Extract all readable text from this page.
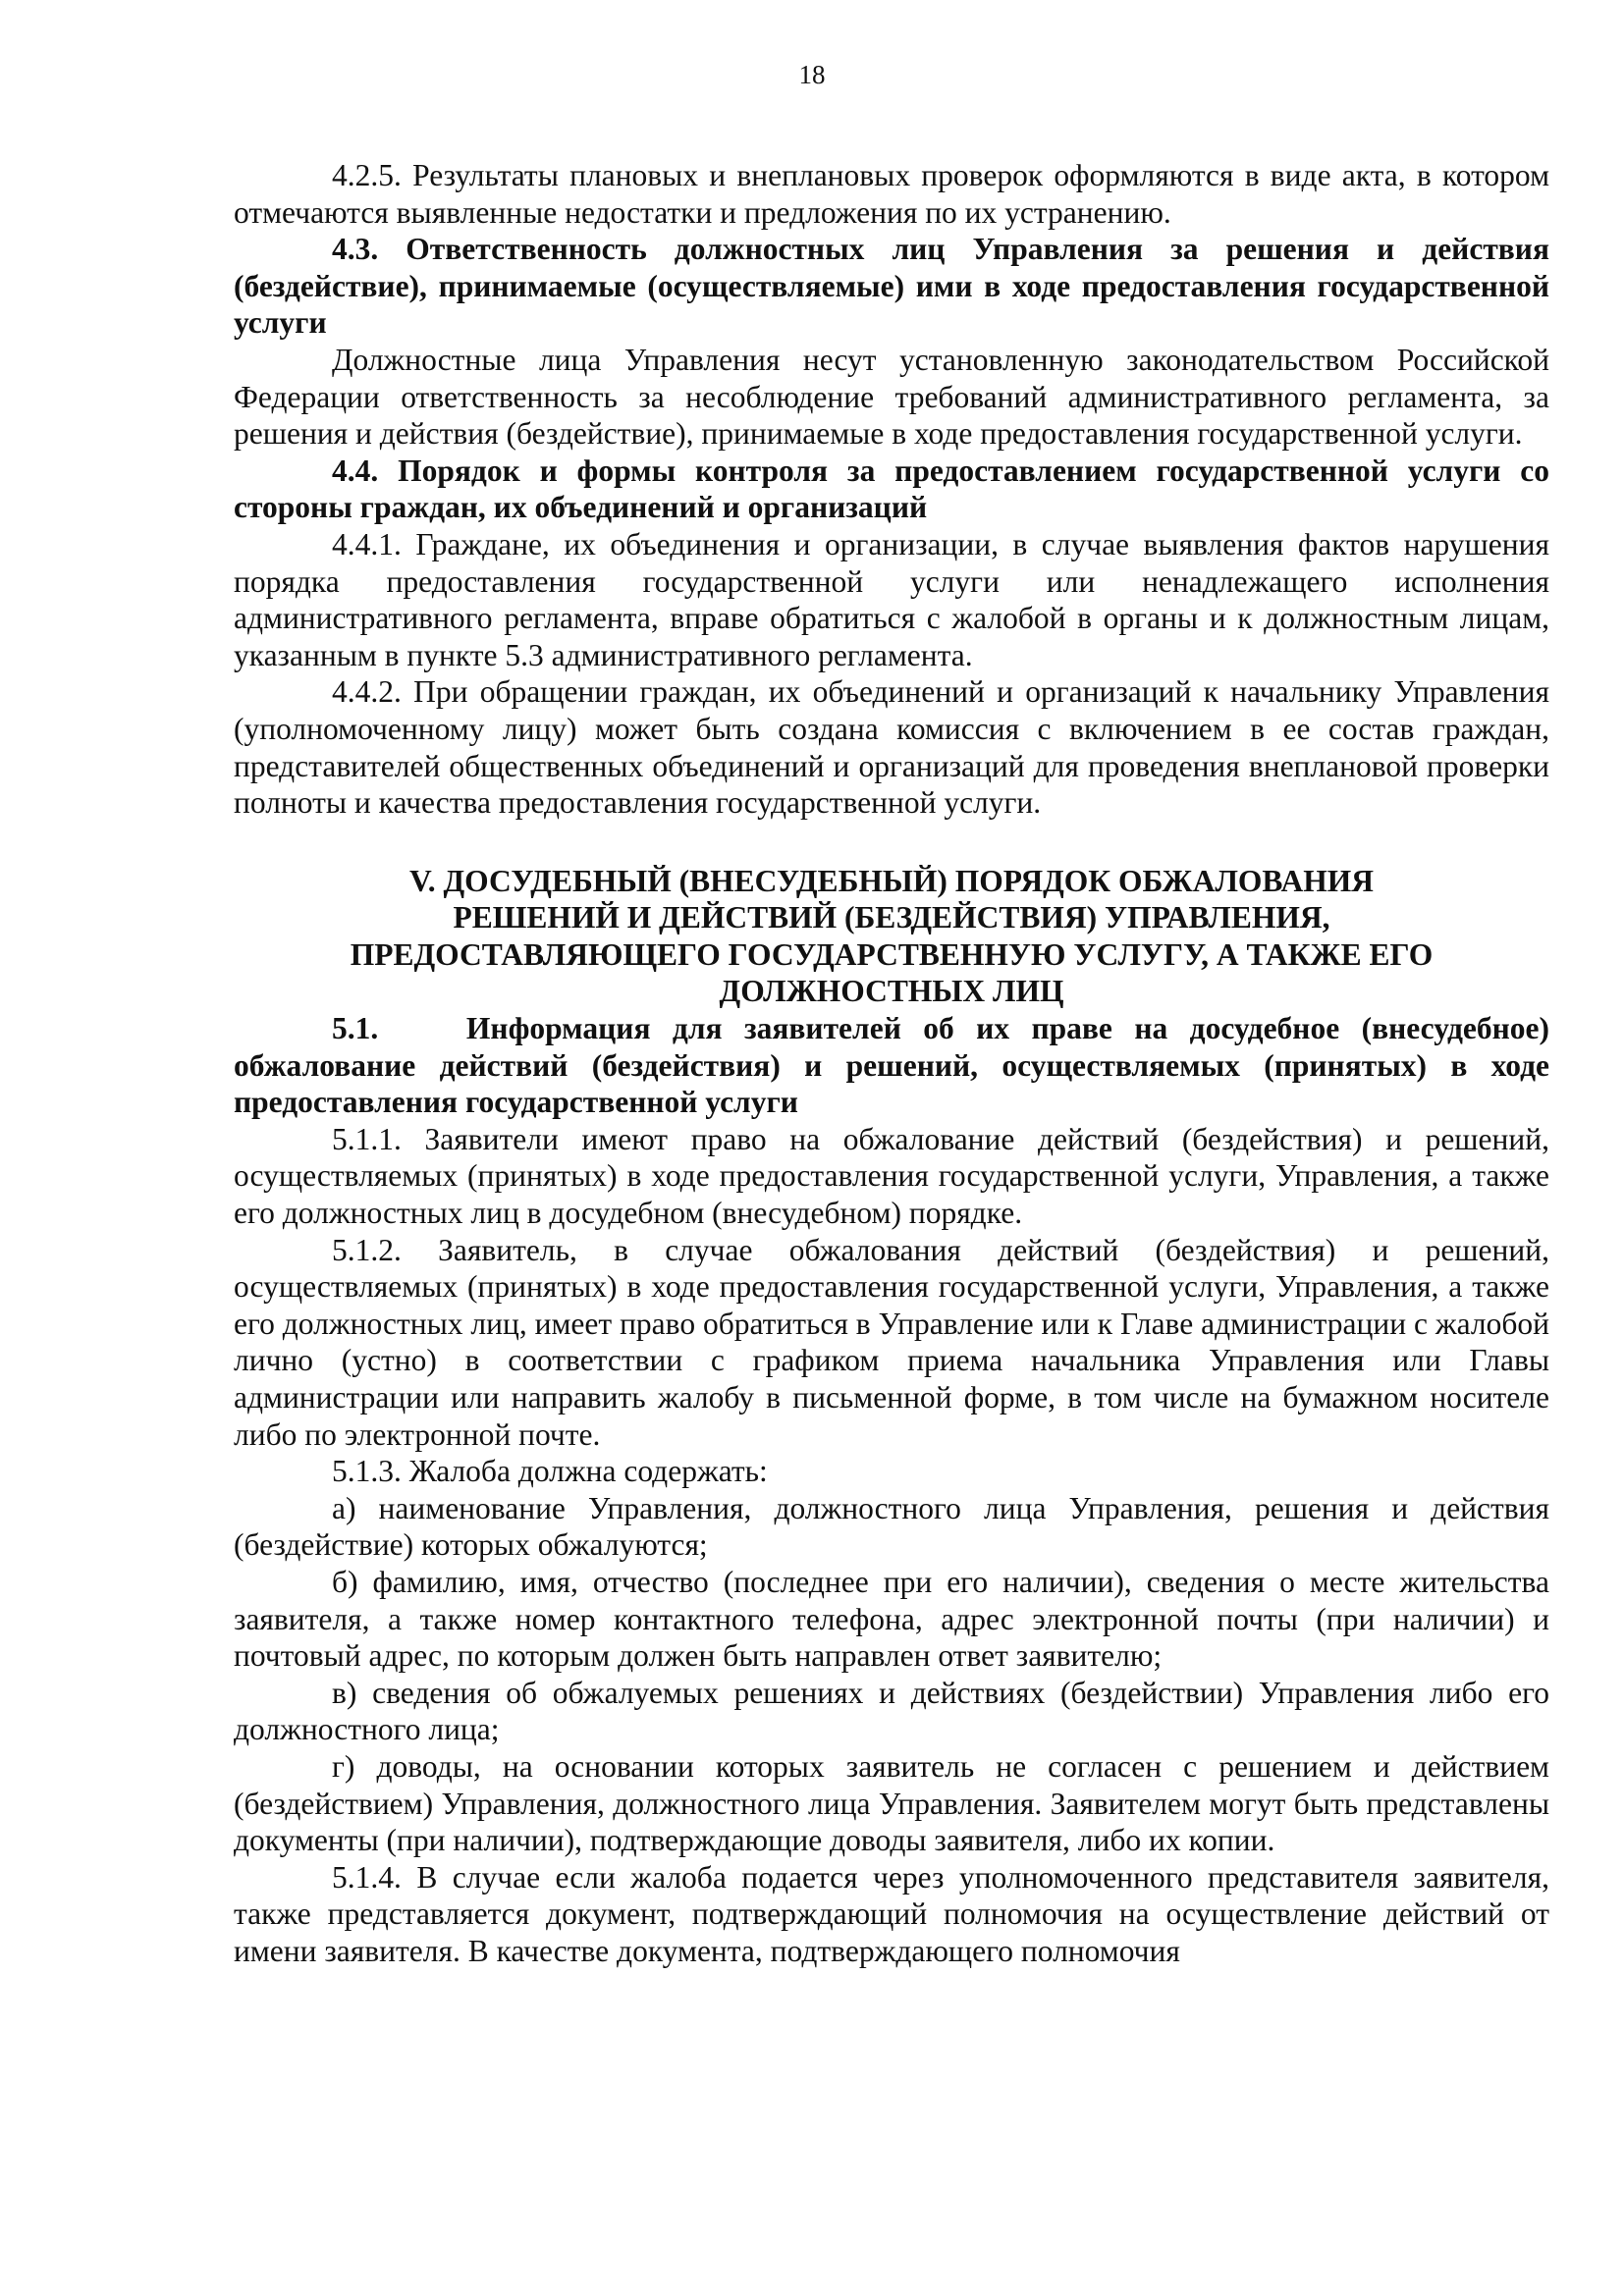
18

4.2.5. Результаты плановых и внеплановых проверок оформляются в виде акта, в котором отмечаются выявленные недостатки и предложения по их устранению.

4.3. Ответственность должностных лиц Управления за решения и действия (бездействие), принимаемые (осуществляемые) ими в ходе предоставления государственной услуги

Должностные лица Управления несут установленную законодательством Российской Федерации ответственность за несоблюдение требований административного регламента, за решения и действия (бездействие), принимаемые в ходе предоставления государственной услуги.

4.4. Порядок и формы контроля за предоставлением государственной услуги со стороны граждан, их объединений и организаций

4.4.1. Граждане, их объединения и организации, в случае выявления фактов нарушения порядка предоставления государственной услуги или ненадлежащего исполнения административного регламента, вправе обратиться с жалобой в органы и к должностным лицам, указанным в пункте 5.3 административного регламента.

4.4.2. При обращении граждан, их объединений и организаций к начальнику Управления (уполномоченному лицу) может быть создана комиссия с включением в ее состав граждан, представителей общественных объединений и организаций для проведения внеплановой проверки полноты и качества предоставления государственной услуги.

V. ДОСУДЕБНЫЙ (ВНЕСУДЕБНЫЙ) ПОРЯДОК ОБЖАЛОВАНИЯ
РЕШЕНИЙ И ДЕЙСТВИЙ (БЕЗДЕЙСТВИЯ) УПРАВЛЕНИЯ,
ПРЕДОСТАВЛЯЮЩЕГО ГОСУДАРСТВЕННУЮ УСЛУГУ, А ТАКЖЕ ЕГО
ДОЛЖНОСТНЫХ ЛИЦ

5.1.    Информация для заявителей об их праве на досудебное (внесудебное) обжалование действий (бездействия) и решений, осуществляемых (принятых) в ходе предоставления государственной услуги

5.1.1. Заявители имеют право на обжалование действий (бездействия) и решений, осуществляемых (принятых) в ходе предоставления государственной услуги, Управления, а также его должностных лиц в досудебном (внесудебном) порядке.

5.1.2. Заявитель, в случае обжалования действий (бездействия) и решений, осуществляемых (принятых) в ходе предоставления государственной услуги, Управления, а также его должностных лиц, имеет право обратиться в Управление или к Главе администрации с жалобой лично (устно) в соответствии с графиком приема начальника Управления или Главы администрации или направить жалобу в письменной форме, в том числе на бумажном носителе либо по электронной почте.

5.1.3. Жалоба должна содержать:

а) наименование Управления, должностного лица Управления, решения и действия (бездействие) которых обжалуются;

б) фамилию, имя, отчество (последнее при его наличии), сведения о месте жительства заявителя, а также номер контактного телефона, адрес электронной почты (при наличии) и почтовый адрес, по которым должен быть направлен ответ заявителю;

в) сведения об обжалуемых решениях и действиях (бездействии) Управления либо его должностного лица;

г) доводы, на основании которых заявитель не согласен с решением и действием (бездействием) Управления, должностного лица Управления. Заявителем могут быть представлены документы (при наличии), подтверждающие доводы заявителя, либо их копии.

5.1.4. В случае если жалоба подается через уполномоченного представителя заявителя, также представляется документ, подтверждающий полномочия на осуществление действий от имени заявителя. В качестве документа, подтверждающего полномочия
